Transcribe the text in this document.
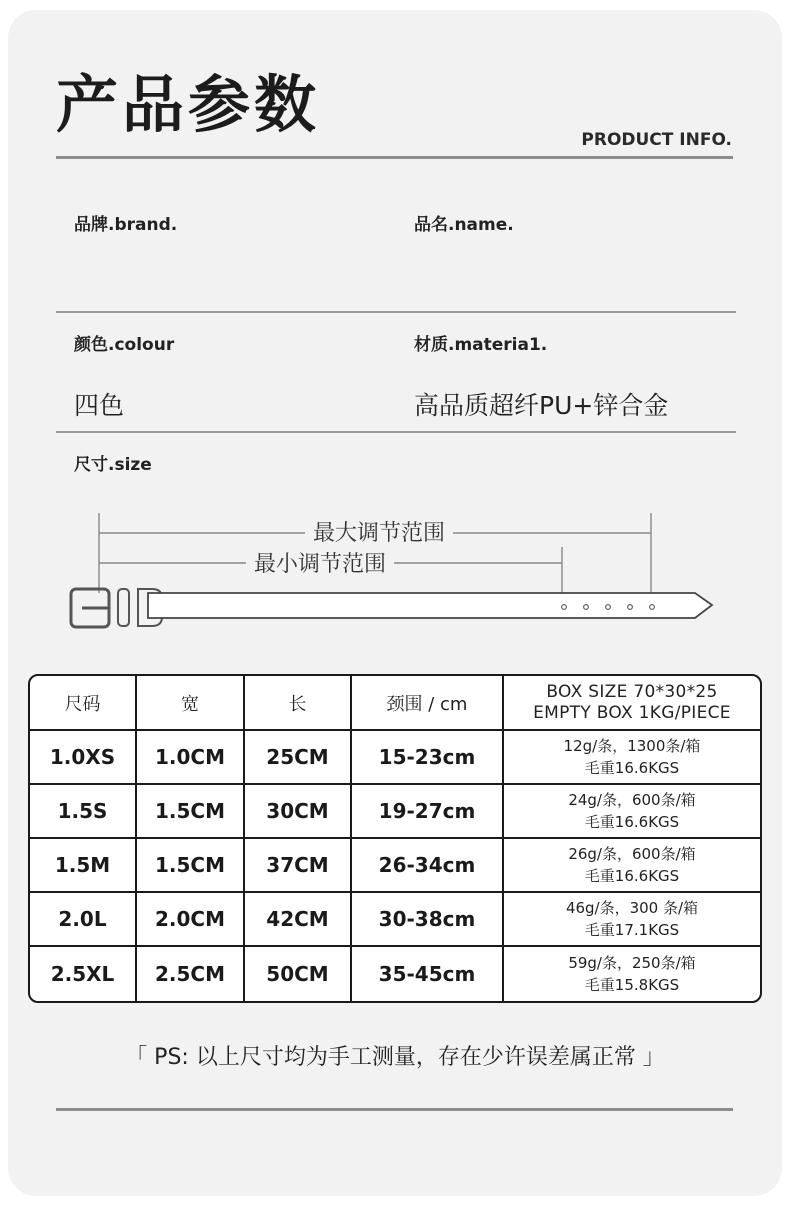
产品参数	PRODUCT INFO.
品牌.brand.	品名.name.
颜色.colour
四色
材质.materia1.
高品质超纤PU+锌合金
尺寸.size
最大调节范围
最小调节范围
尺码	宽	长	颈围 / cm	BOX SIZE 70*30*25
EMPTY BOX 1KG/PIECE

1.0XS	1.0CM	25CM	15-23cm	12g/条，1300条/箱
毛重16.6KGS

1.5S	1.5CM	30CM	19-27cm	24g/条，600条/箱
毛重16.6KGS

1.5M	1.5CM	37CM	26-34cm	26g/条，600条/箱
毛重16.6KGS

2.0L	2.0CM	42CM	30-38cm	46g/条，300 条/箱
毛重17.1KGS

2.5XL	2.5CM	50CM	35-45cm	59g/条，250条/箱
毛重15.8KGS
「 PS: 以上尺寸均为手工测量，存在少许误差属正常 」
